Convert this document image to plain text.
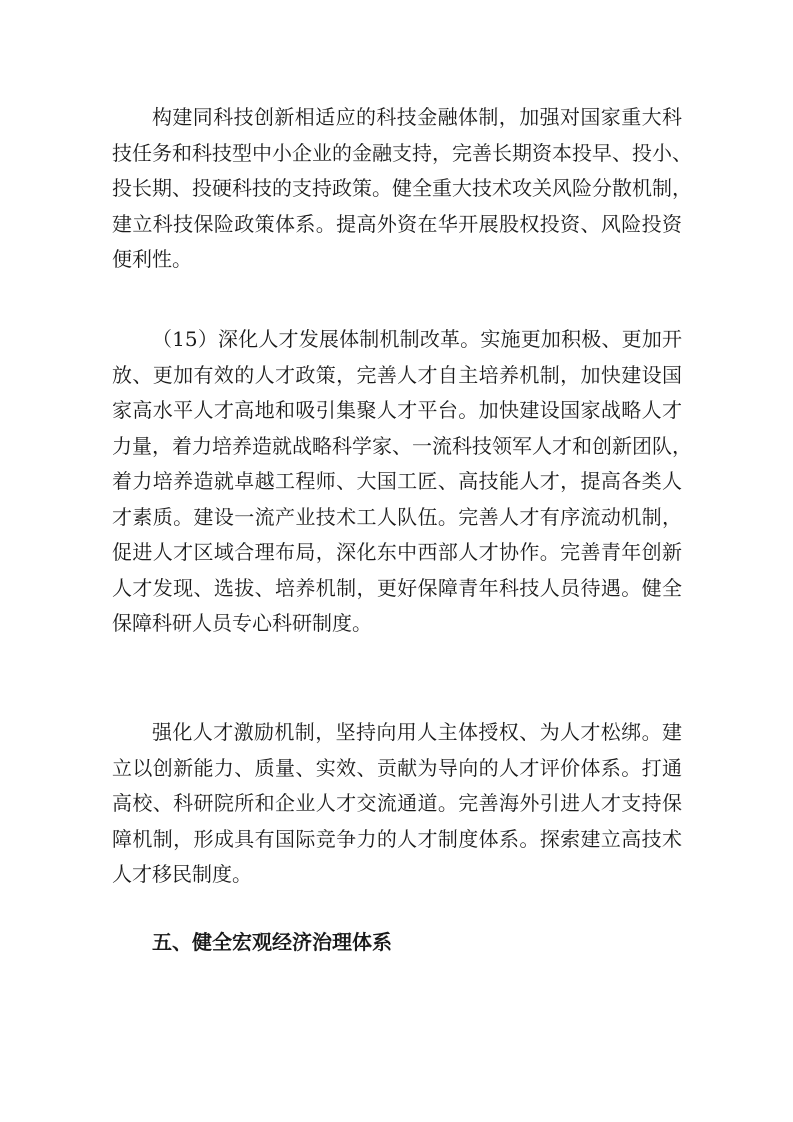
构建同科技创新相适应的科技金融体制，加强对国家重大科
技任务和科技型中小企业的金融支持，完善长期资本投早、投小、
投长期、投硬科技的支持政策。健全重大技术攻关风险分散机制，
建立科技保险政策体系。提高外资在华开展股权投资、风险投资
便利性。
（15）深化人才发展体制机制改革。实施更加积极、更加开
放、更加有效的人才政策，完善人才自主培养机制，加快建设国
家高水平人才高地和吸引集聚人才平台。加快建设国家战略人才
力量，着力培养造就战略科学家、一流科技领军人才和创新团队，
着力培养造就卓越工程师、大国工匠、高技能人才，提高各类人
才素质。建设一流产业技术工人队伍。完善人才有序流动机制，
促进人才区域合理布局，深化东中西部人才协作。完善青年创新
人才发现、选拔、培养机制，更好保障青年科技人员待遇。健全
保障科研人员专心科研制度。
强化人才激励机制，坚持向用人主体授权、为人才松绑。建
立以创新能力、质量、实效、贡献为导向的人才评价体系。打通
高校、科研院所和企业人才交流通道。完善海外引进人才支持保
障机制，形成具有国际竞争力的人才制度体系。探索建立高技术
人才移民制度。
五、健全宏观经济治理体系
